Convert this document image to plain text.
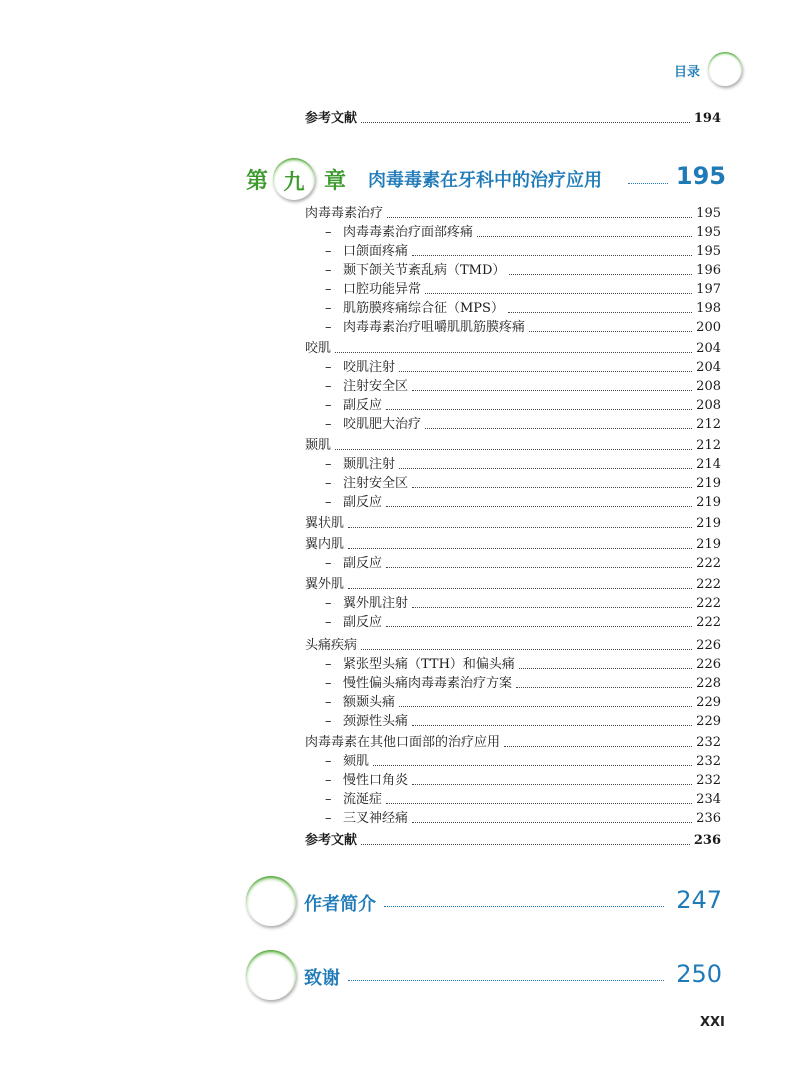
目录
参考文献	194
第 九 章 肉毒毒素在牙科中的治疗应用	195
肉毒毒素治疗	195
– 肉毒毒素治疗面部疼痛	195
– 口颌面疼痛	195
– 颞下颌关节紊乱病（TMD）	196
– 口腔功能异常	197
– 肌筋膜疼痛综合征（MPS）	198
– 肉毒毒素治疗咀嚼肌肌筋膜疼痛	200
咬肌	204
– 咬肌注射	204
– 注射安全区	208
– 副反应	208
– 咬肌肥大治疗	212
颞肌	212
– 颞肌注射	214
– 注射安全区	219
– 副反应	219
翼状肌	219
翼内肌	219
– 副反应	222
翼外肌	222
– 翼外肌注射	222
– 副反应	222
头痛疾病	226
– 紧张型头痛（TTH）和偏头痛	226
– 慢性偏头痛肉毒毒素治疗方案	228
– 额颞头痛	229
– 颈源性头痛	229
肉毒毒素在其他口面部的治疗应用	232
– 颏肌	232
– 慢性口角炎	232
– 流涎症	234
– 三叉神经痛	236
参考文献	236
作者简介	247
致谢	250
XXI
